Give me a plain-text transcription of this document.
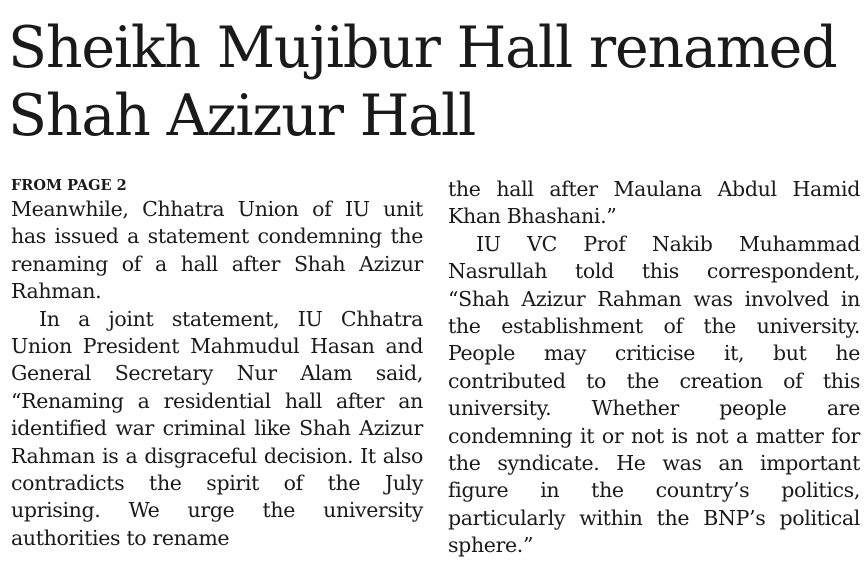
Sheikh Mujibur Hall renamed Shah Azizur Hall
FROM PAGE 2

Meanwhile, Chhatra Union of IU unit has issued a statement condemning the renaming of a hall after Shah Azizur Rahman.

In a joint statement, IU Chhatra Union President Mahmudul Hasan and General Secretary Nur Alam said, “Renaming a residential hall after an identified war criminal like Shah Azizur Rahman is a disgraceful decision. It also contradicts the spirit of the July uprising. We urge the university authorities to rename

the hall after Maulana Abdul Hamid Khan Bhashani.”

IU VC Prof Nakib Muhammad Nasrullah told this correspondent, “Shah Azizur Rahman was involved in the establishment of the university. People may criticise it, but he contributed to the creation of this university. Whether people are condemning it or not is not a matter for the syndicate. He was an important figure in the country’s politics, particularly within the BNP’s political sphere.”
